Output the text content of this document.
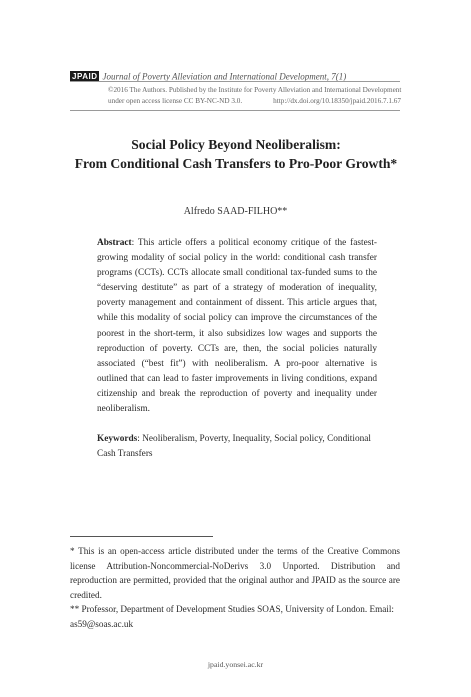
JPAID Journal of Poverty Alleviation and International Development, 7(1)
©2016 The Authors. Published by the Institute for Poverty Alleviation and International Development
under open access license CC BY-NC-ND 3.0.	http://dx.doi.org/10.18350/jpaid.2016.7.1.67
Social Policy Beyond Neoliberalism:
From Conditional Cash Transfers to Pro-Poor Growth*
Alfredo SAAD-FILHO**
Abstract: This article offers a political economy critique of the fastest-growing modality of social policy in the world: conditional cash transfer programs (CCTs). CCTs allocate small conditional tax-funded sums to the “deserving destitute” as part of a strategy of moderation of inequality, poverty management and containment of dissent. This article argues that, while this modality of social policy can improve the circumstances of the poorest in the short-term, it also subsidizes low wages and supports the reproduction of poverty. CCTs are, then, the social policies naturally associated (“best fit”) with neoliberalism. A pro-poor alternative is outlined that can lead to faster improvements in living conditions, expand citizenship and break the reproduction of poverty and inequality under neoliberalism.
Keywords: Neoliberalism, Poverty, Inequality, Social policy, Conditional Cash Transfers
* This is an open-access article distributed under the terms of the Creative Commons license Attribution-Noncommercial-NoDerivs 3.0 Unported. Distribution and reproduction are permitted, provided that the original author and JPAID as the source are credited.
** Professor, Department of Development Studies SOAS, University of London. Email: as59@soas.ac.uk
jpaid.yonsei.ac.kr
